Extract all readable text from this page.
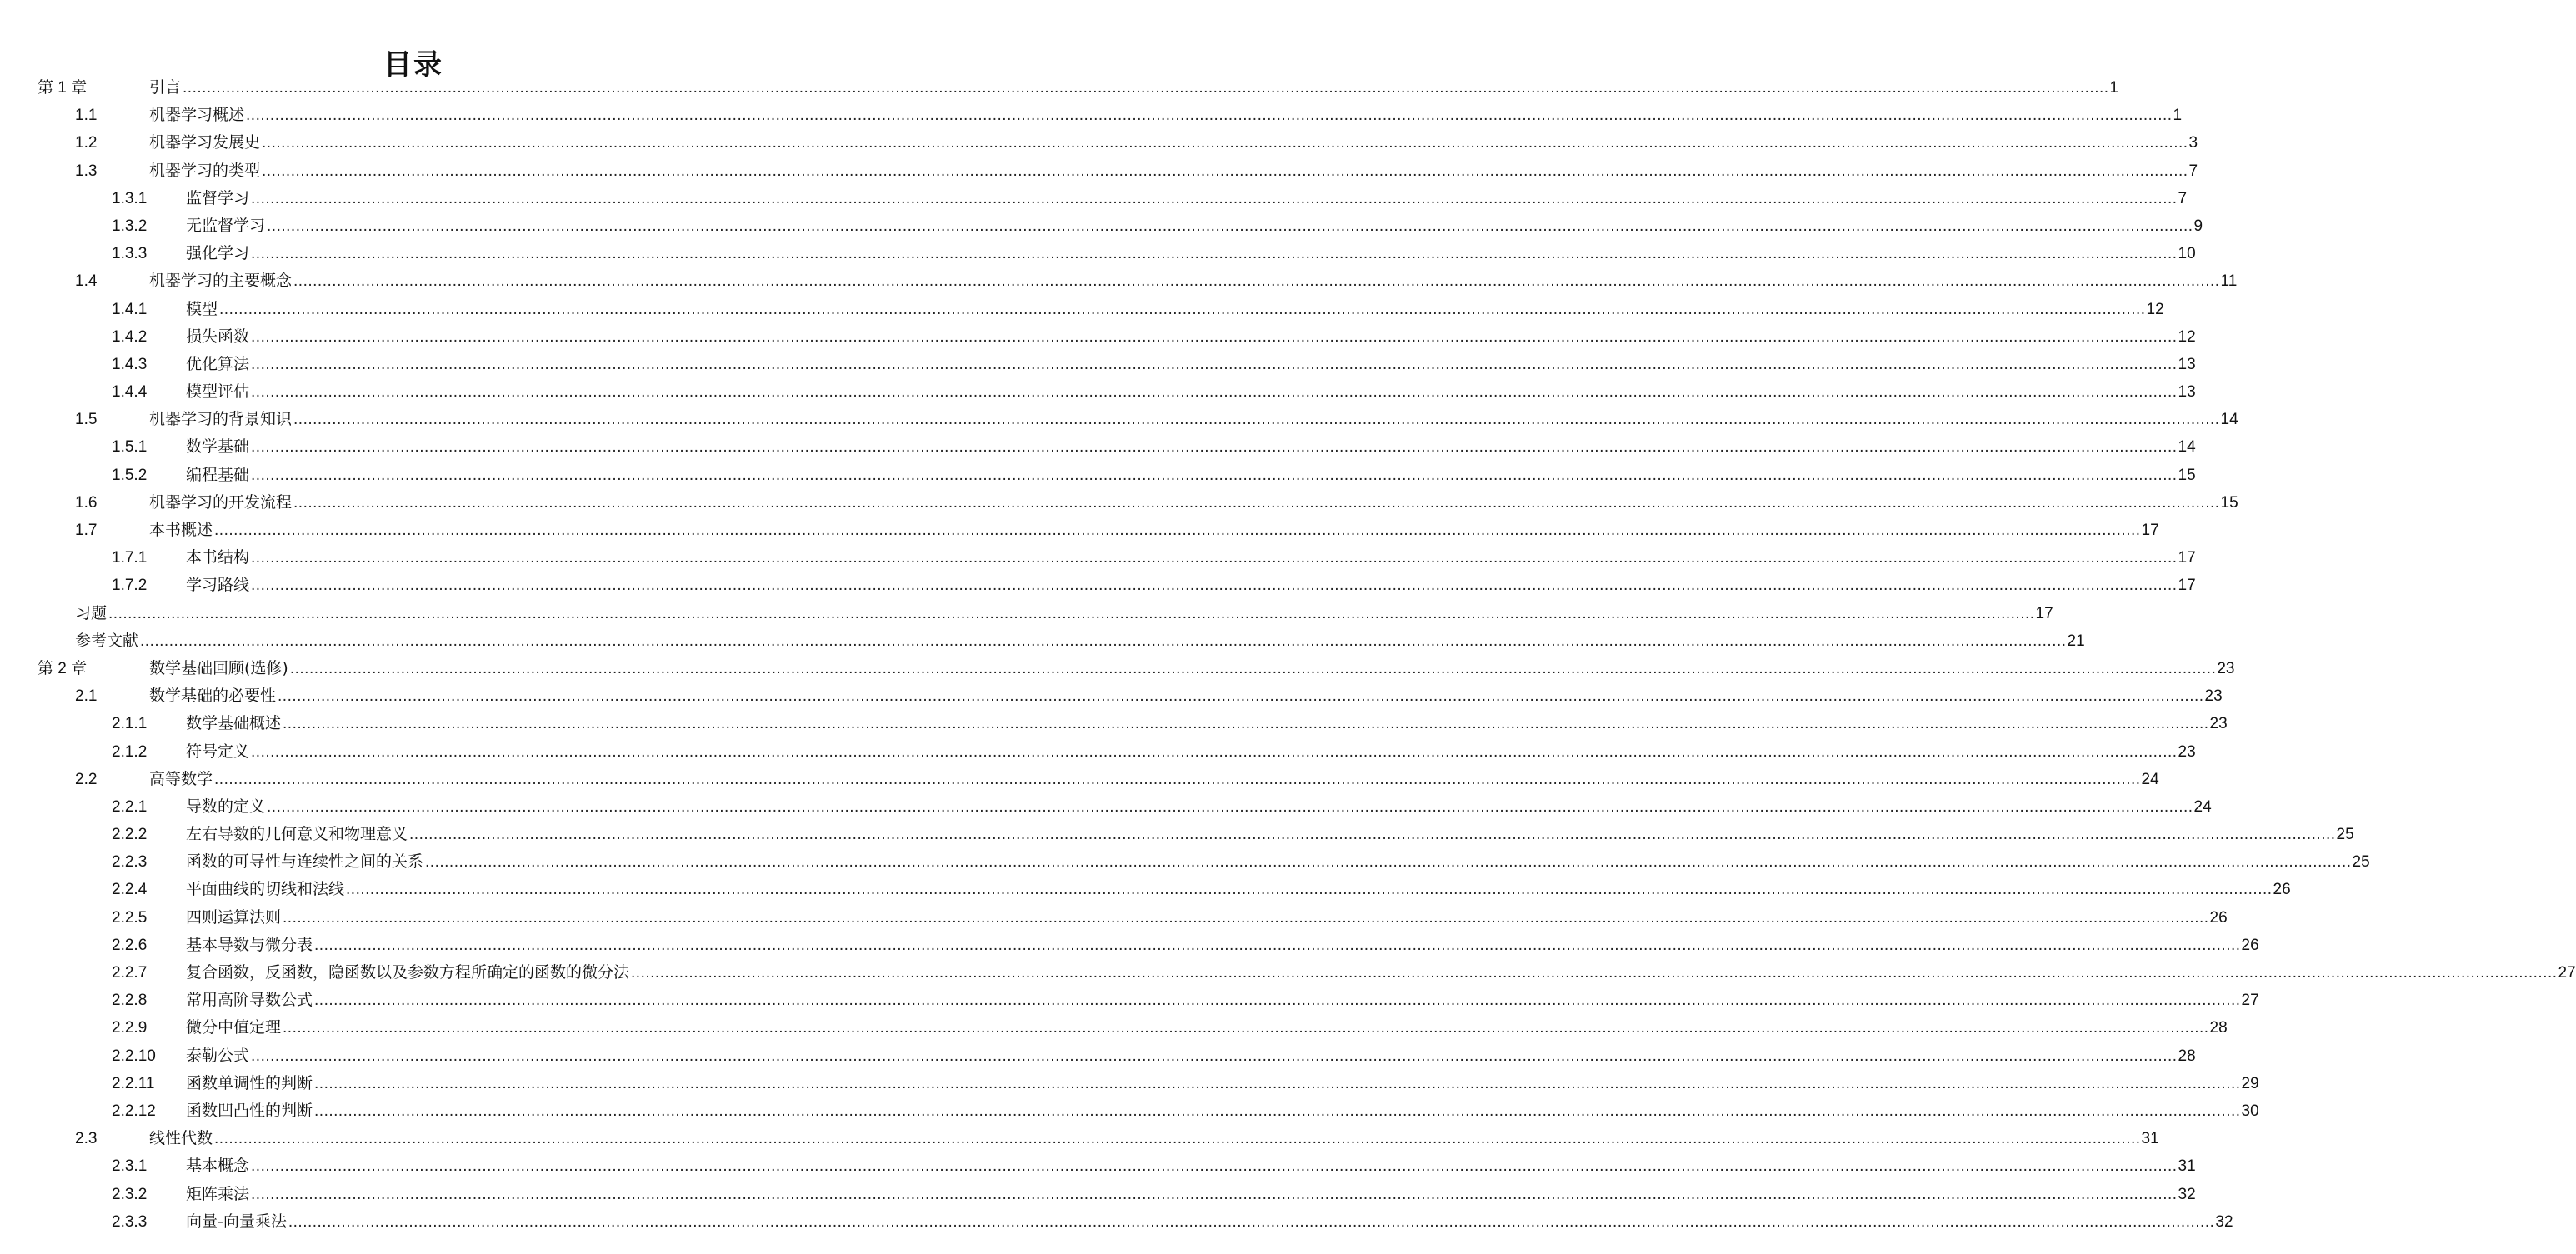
目录
第 1 章	引言 ................................................................................................................................................................................................................................................................................................................................................................................................................ 1
1.1	机器学习概述 ................................................................................................................................................................................................................................................................................................................................................................................................................ 1
1.2	机器学习发展史 ................................................................................................................................................................................................................................................................................................................................................................................................................ 3
1.3	机器学习的类型 ................................................................................................................................................................................................................................................................................................................................................................................................................ 7
1.3.1 监督学习 ................................................................................................................................................................................................................................................................................................................................................................................................................ 7
1.3.2 无监督学习 ................................................................................................................................................................................................................................................................................................................................................................................................................ 9
1.3.3 强化学习 ................................................................................................................................................................................................................................................................................................................................................................................................................ 10
1.4	机器学习的主要概念 ................................................................................................................................................................................................................................................................................................................................................................................................................ 11
1.4.1 模型 ................................................................................................................................................................................................................................................................................................................................................................................................................ 12
1.4.2 损失函数 ................................................................................................................................................................................................................................................................................................................................................................................................................ 12
1.4.3 优化算法 ................................................................................................................................................................................................................................................................................................................................................................................................................ 13
1.4.4 模型评估 ................................................................................................................................................................................................................................................................................................................................................................................................................ 13
1.5	机器学习的背景知识 ................................................................................................................................................................................................................................................................................................................................................................................................................ 14
1.5.1 数学基础 ................................................................................................................................................................................................................................................................................................................................................................................................................ 14
1.5.2 编程基础 ................................................................................................................................................................................................................................................................................................................................................................................................................ 15
1.6	机器学习的开发流程 ................................................................................................................................................................................................................................................................................................................................................................................................................ 15
1.7	本书概述 ................................................................................................................................................................................................................................................................................................................................................................................................................ 17
1.7.1 本书结构 ................................................................................................................................................................................................................................................................................................................................................................................................................ 17
1.7.2 学习路线 ................................................................................................................................................................................................................................................................................................................................................................................................................ 17
习题 ................................................................................................................................................................................................................................................................................................................................................................................................................ 17
参考文献 ................................................................................................................................................................................................................................................................................................................................................................................................................ 21
第 2 章	数学基础回顾(选修) ................................................................................................................................................................................................................................................................................................................................................................................................................ 23
2.1	数学基础的必要性 ................................................................................................................................................................................................................................................................................................................................................................................................................ 23
2.1.1 数学基础概述 ................................................................................................................................................................................................................................................................................................................................................................................................................ 23
2.1.2 符号定义 ................................................................................................................................................................................................................................................................................................................................................................................................................ 23
2.2	高等数学 ................................................................................................................................................................................................................................................................................................................................................................................................................ 24
2.2.1 导数的定义 ................................................................................................................................................................................................................................................................................................................................................................................................................ 24
2.2.2 左右导数的几何意义和物理意义 ................................................................................................................................................................................................................................................................................................................................................................................................................ 25
2.2.3 函数的可导性与连续性之间的关系 ................................................................................................................................................................................................................................................................................................................................................................................................................ 25
2.2.4 平面曲线的切线和法线 ................................................................................................................................................................................................................................................................................................................................................................................................................ 26
2.2.5 四则运算法则 ................................................................................................................................................................................................................................................................................................................................................................................................................ 26
2.2.6 基本导数与微分表 ................................................................................................................................................................................................................................................................................................................................................................................................................ 26
2.2.7 复合函数，反函数，隐函数以及参数方程所确定的函数的微分法 ................................................................................................................................................................................................................................................................................................................................................................................................................ 27
2.2.8 常用高阶导数公式 ................................................................................................................................................................................................................................................................................................................................................................................................................ 27
2.2.9 微分中值定理 ................................................................................................................................................................................................................................................................................................................................................................................................................ 28
2.2.10 泰勒公式 ................................................................................................................................................................................................................................................................................................................................................................................................................ 28
2.2.11 函数单调性的判断 ................................................................................................................................................................................................................................................................................................................................................................................................................ 29
2.2.12 函数凹凸性的判断 ................................................................................................................................................................................................................................................................................................................................................................................................................ 30
2.3	线性代数 ................................................................................................................................................................................................................................................................................................................................................................................................................ 31
2.3.1 基本概念 ................................................................................................................................................................................................................................................................................................................................................................................................................ 31
2.3.2 矩阵乘法 ................................................................................................................................................................................................................................................................................................................................................................................................................ 32
2.3.3 向量-向量乘法 ................................................................................................................................................................................................................................................................................................................................................................................................................ 32
